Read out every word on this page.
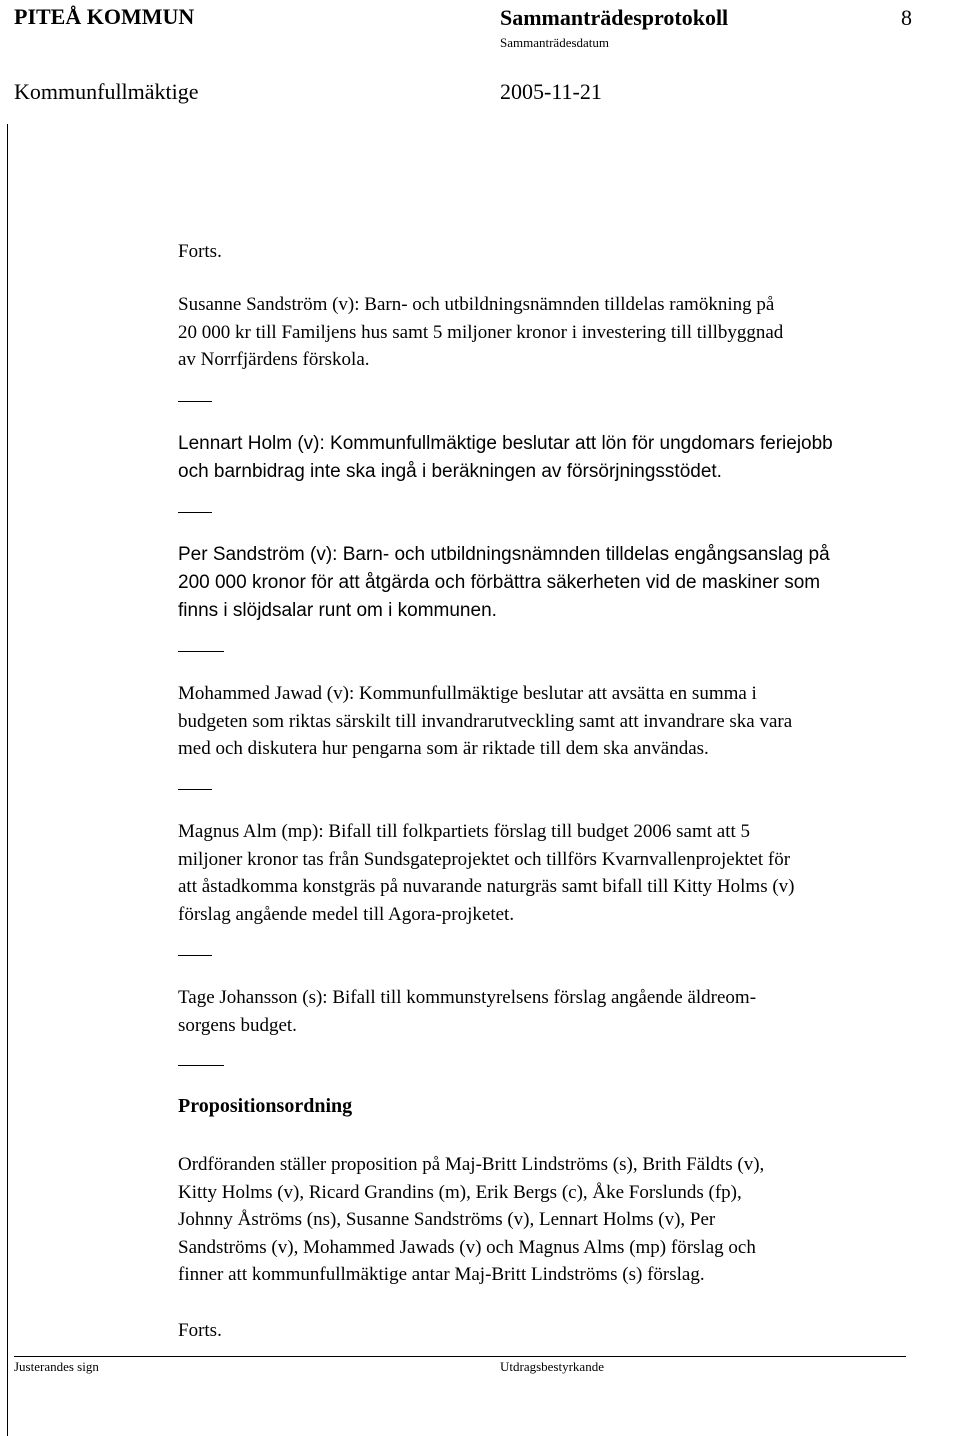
PITEÅ KOMMUN	Sammanträdesprotokoll	8
Sammanträdesdatum
Kommunfullmäktige	2005-11-21
Forts.
Susanne Sandström (v): Barn- och utbildningsnämnden tilldelas ramökning på
20 000 kr till Familjens hus samt 5 miljoner kronor i investering till tillbyggnad
av Norrfjärdens förskola.
Lennart Holm (v): Kommunfullmäktige beslutar att lön för ungdomars feriejobb
och barnbidrag inte ska ingå i beräkningen av försörjningsstödet.
Per Sandström (v): Barn- och utbildningsnämnden tilldelas engångsanslag på
200 000 kronor för att åtgärda och förbättra säkerheten vid de maskiner som
finns i slöjdsalar runt om i kommunen.
Mohammed Jawad (v): Kommunfullmäktige beslutar att avsätta en summa i
budgeten som riktas särskilt till invandrarutveckling samt att invandrare ska vara
med och diskutera hur pengarna som är riktade till dem ska användas.
Magnus Alm (mp): Bifall till folkpartiets förslag till budget 2006 samt att 5
miljoner kronor tas från Sundsgateprojektet och tillförs Kvarnvallenprojektet för
att åstadkomma konstgräs på nuvarande naturgräs samt bifall till Kitty Holms (v)
förslag angående medel till Agora-projketet.
Tage Johansson (s): Bifall till kommunstyrelsens förslag angående äldreom-
sorgens budget.
Propositionsordning
Ordföranden ställer proposition på Maj-Britt Lindströms (s), Brith Fäldts (v),
Kitty Holms (v), Ricard Grandins (m), Erik Bergs (c), Åke Forslunds (fp),
Johnny Åströms (ns), Susanne Sandströms (v), Lennart Holms (v), Per
Sandströms (v), Mohammed Jawads (v) och Magnus Alms (mp) förslag och
finner att kommunfullmäktige antar Maj-Britt Lindströms (s) förslag.
Forts.
Justerandes sign	Utdragsbestyrkande
